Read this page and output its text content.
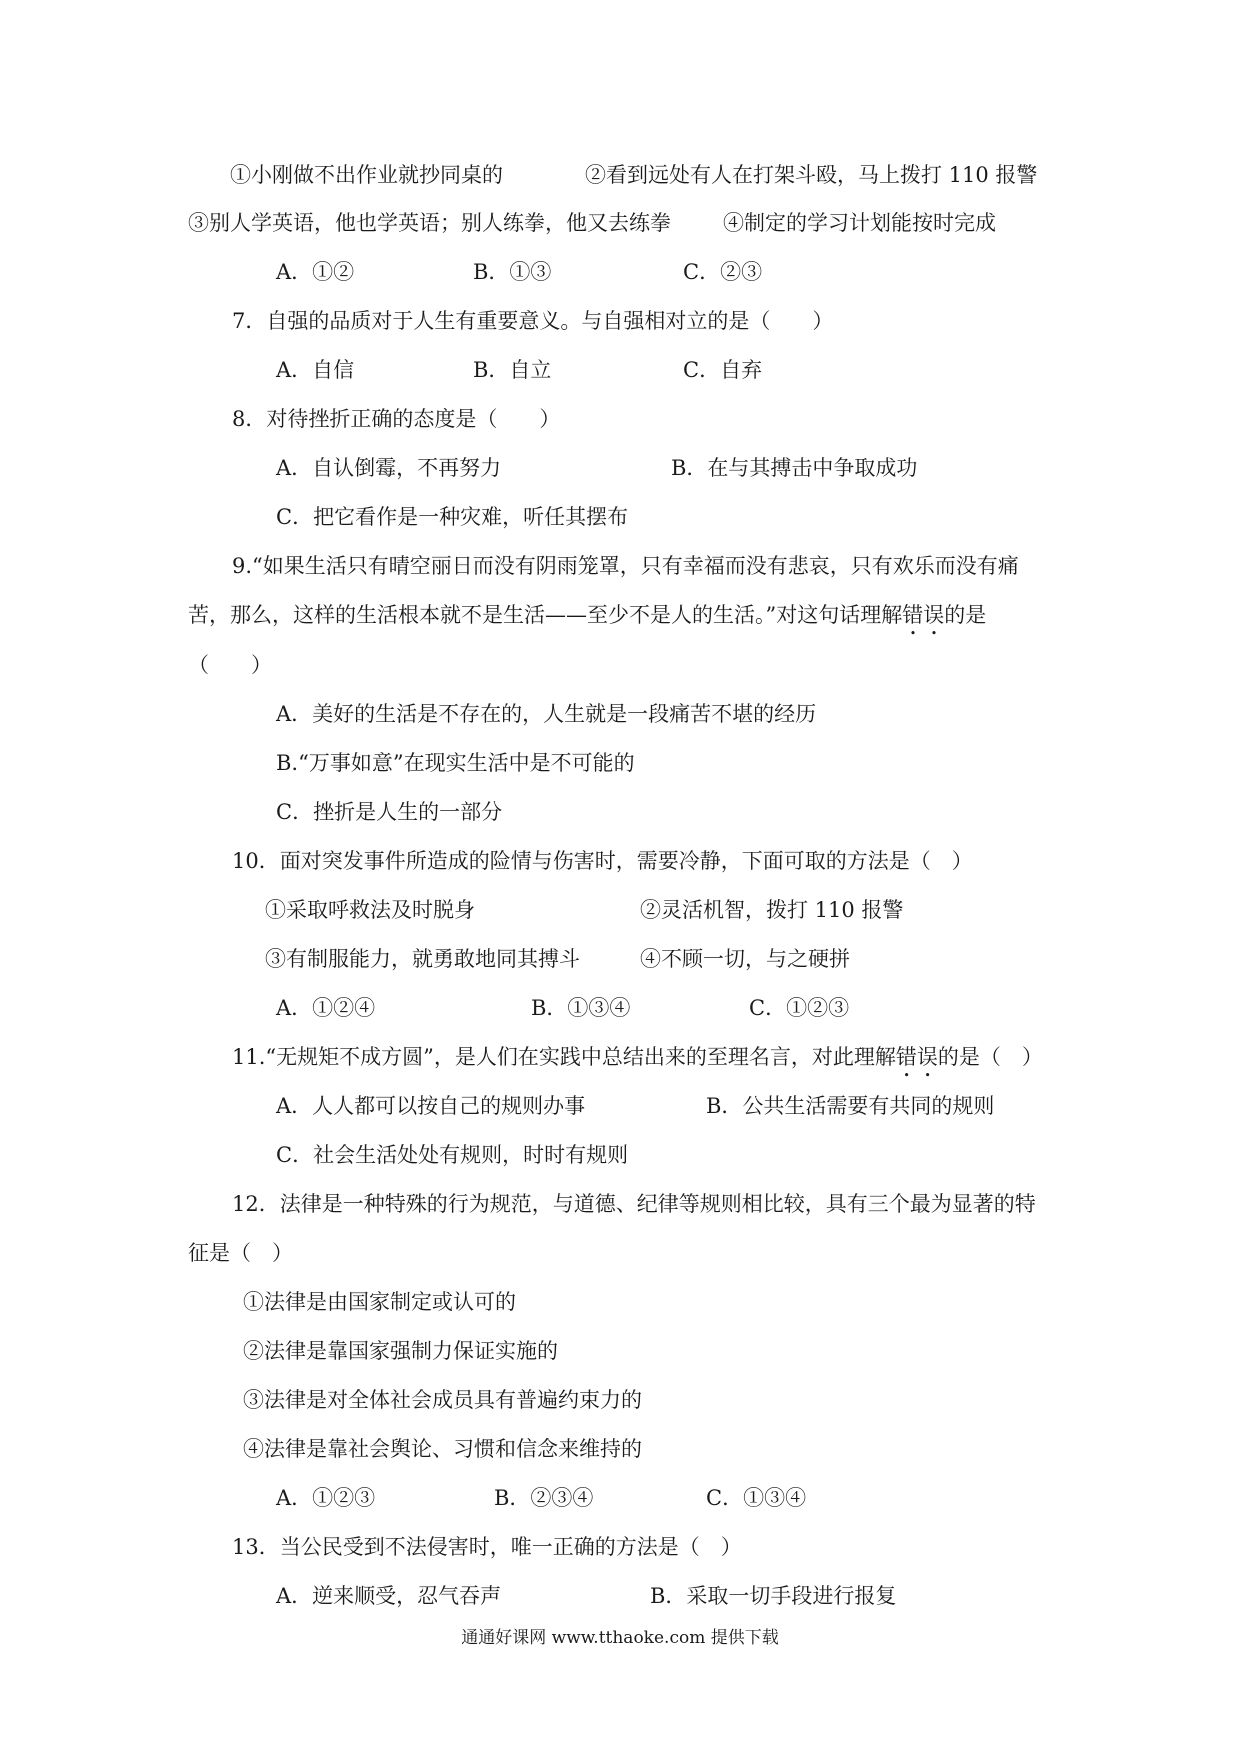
①小刚做不出作业就抄同桌的	②看到远处有人在打架斗殴，马上拨打 110 报警
③别人学英语，他也学英语；别人练拳，他又去练拳 ④制定的学习计划能按时完成
A．①②	B．①③	C．②③
7．自强的品质对于人生有重要意义。与自强相对立的是（　　）
A．自信	B．自立	C．自弃
8．对待挫折正确的态度是（　　）
A．自认倒霉，不再努力	B．在与其搏击中争取成功
C．把它看作是一种灾难，听任其摆布
9.“如果生活只有晴空丽日而没有阴雨笼罩，只有幸福而没有悲哀，只有欢乐而没有痛
苦，那么，这样的生活根本就不是生活——至少不是人的生活。”对这句话理解错误的是
（　　）
A．美好的生活是不存在的，人生就是一段痛苦不堪的经历
B.“万事如意”在现实生活中是不可能的
C．挫折是人生的一部分
10．面对突发事件所造成的险情与伤害时，需要冷静，下面可取的方法是（　）
①采取呼救法及时脱身	②灵活机智，拨打 110 报警
③有制服能力，就勇敢地同其搏斗	④不顾一切，与之硬拼
A．①②④	B．①③④	C．①②③
11.“无规矩不成方圆”，是人们在实践中总结出来的至理名言，对此理解错误的是（　）
A．人人都可以按自己的规则办事	B．公共生活需要有共同的规则
C．社会生活处处有规则，时时有规则
12．法律是一种特殊的行为规范，与道德、纪律等规则相比较，具有三个最为显著的特
征是（　）
①法律是由国家制定或认可的
②法律是靠国家强制力保证实施的
③法律是对全体社会成员具有普遍约束力的
④法律是靠社会舆论、习惯和信念来维持的
A．①②③	B．②③④	C．①③④
13．当公民受到不法侵害时，唯一正确的方法是（　）
A．逆来顺受，忍气吞声	B．采取一切手段进行报复
通通好课网 www.tthaoke.com 提供下载
